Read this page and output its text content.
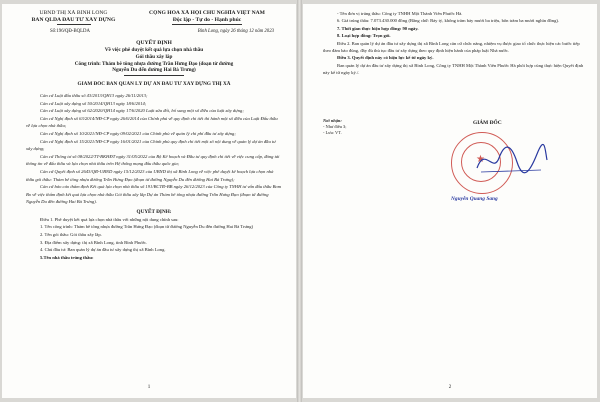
UBND THỊ XÃ BÌNH LONG
BAN QLDA ĐẦU TƯ XÂY DỰNG
CỘNG HÒA XÃ HỘI CHỦ NGHĨA VIỆT NAM
Độc lập - Tự do - Hạnh phúc
Số:196/QĐ-BQLDA	Bình Long, ngày 26 tháng 12 năm 2023
QUYẾT ĐỊNH
Về việc phê duyệt kết quả lựa chọn nhà thầu
Gói thầu xây lắp
Công trình: Thảm bê tông nhựa đường Trần Hưng Đạo (đoạn từ đường
Nguyễn Du đến đường Hai Bà Trưng)
GIÁM ĐỐC BAN QUẢN LÝ DỰ ÁN ĐẦU TƯ XÂY DỰNG THỊ XÃ

Căn cứ Luật đấu thầu số 43/2013/QH13 ngày 26/11/2013;

Căn cứ Luật xây dựng số 50/2014/QH13 ngày 18/6/2014;

Căn cứ Luật xây dựng số 62/2020/QH14 ngày 17/6/2020 Luật sửa đổi, bổ sung một số điều của luật xây dựng;

Căn cứ Nghị định số 63/2014/NĐ-CP ngày 26/6/2014 của Chính phủ về quy định chi tiết thi hành một số điều của Luật Đấu thầu về lựa chọn nhà thầu;

Căn cứ Nghị định số 10/2021/NĐ-CP ngày 09/02/2021 của Chính phủ về quản lý chi phí đầu tư xây dựng;

Căn cứ Nghị định số 15/2021/NĐ-CP ngày 16/01/2021 của Chính phủ quy định chi tiết một số nội dung về quản lý dự án đầu tư xây dựng;

Căn cứ Thông tư số 08/2022/TT-BKHĐT ngày 31/05/2022 của Bộ Kế hoạch và Đầu tư quy định chi tiết về việc cung cấp, đăng tải thông tin về đấu thầu và lựa chọn nhà thầu trên Hệ thống mạng đấu thầu quốc gia;

Căn cứ Quyết định số 2643/QĐ-UBND ngày 15/12/2023 của UBND thị xã Bình Long về việc phê duyệt kế hoạch lựa chọn nhà thầu gói thầu: Thảm bê tông nhựa đường Trần Hưng Đạo (đoạn từ đường Nguyễn Du đến đường Hai Bà Trưng);

Căn cứ báo cáo thẩm định Kết quả lựa chọn nhà thầu số 191/BCTĐ-BB ngày 26/12/2023 của Công ty TNHH tư vấn đấu thầu Bom Bo về việc thẩm định kết quả lựa chọn nhà thầu Gói thầu xây lắp Dự án Thảm bê tông nhựa đường Trần Hưng Đạo (đoạn từ đường Nguyễn Du đến đường Hai Bà Trưng).

QUYẾT ĐỊNH:

Điều 1. Phê duyệt kết quả lựa chọn nhà thầu với những nội dung chính sau:

1. Tên công trình: Thảm bê tông nhựa đường Trần Hưng Đạo (đoạn từ đường Nguyễn Du đến đường Hai Bà Trưng)

2. Tên gói thầu: Gói thầu xây lắp.

3. Địa điểm xây dựng: thị xã Bình Long, tỉnh Bình Phước.

4. Chủ đầu tư: Ban quản lý dự án đầu tư xây dựng thị xã Bình Long.

5.Tên nhà thầu trúng thầu:

1

- Tên đơn vị trúng thầu: Công ty TNHH Một Thành Viên Phước Hà.

6. Giá trúng thầu: 7.073.430.000 đồng (Bằng chữ: Bảy tỷ, không trăm bảy mươi ba triệu, bốn trăm ba mươi nghìn đồng).

7. Thời gian thực hiện hợp đồng: 90 ngày.

8. Loại hợp đồng: Trọn gói.

Điều 2. Ban quản lý dự án đầu tư xây dựng thị xã Bình Long căn cứ chức năng, nhiệm vụ được giao tổ chức thực hiện các bước tiếp theo đảm bảo đúng, đầy đủ thủ tục đầu tư xây dựng theo quy định hiện hành của pháp luật Nhà nước.

Điều 3. Quyết định này có hiệu lực kể từ ngày ký.

Ban quản lý dự án đầu tư xây dựng thị xã Bình Long, Công ty TNHH Một Thành Viên Phước Hà phối hợp cùng thực hiện Quyết định này kể từ ngày ký./.

Nơi nhận:
- Như điều 3;
- Lưu: VT.
GIÁM ĐỐC
★
Nguyễn Quang Sang
2
